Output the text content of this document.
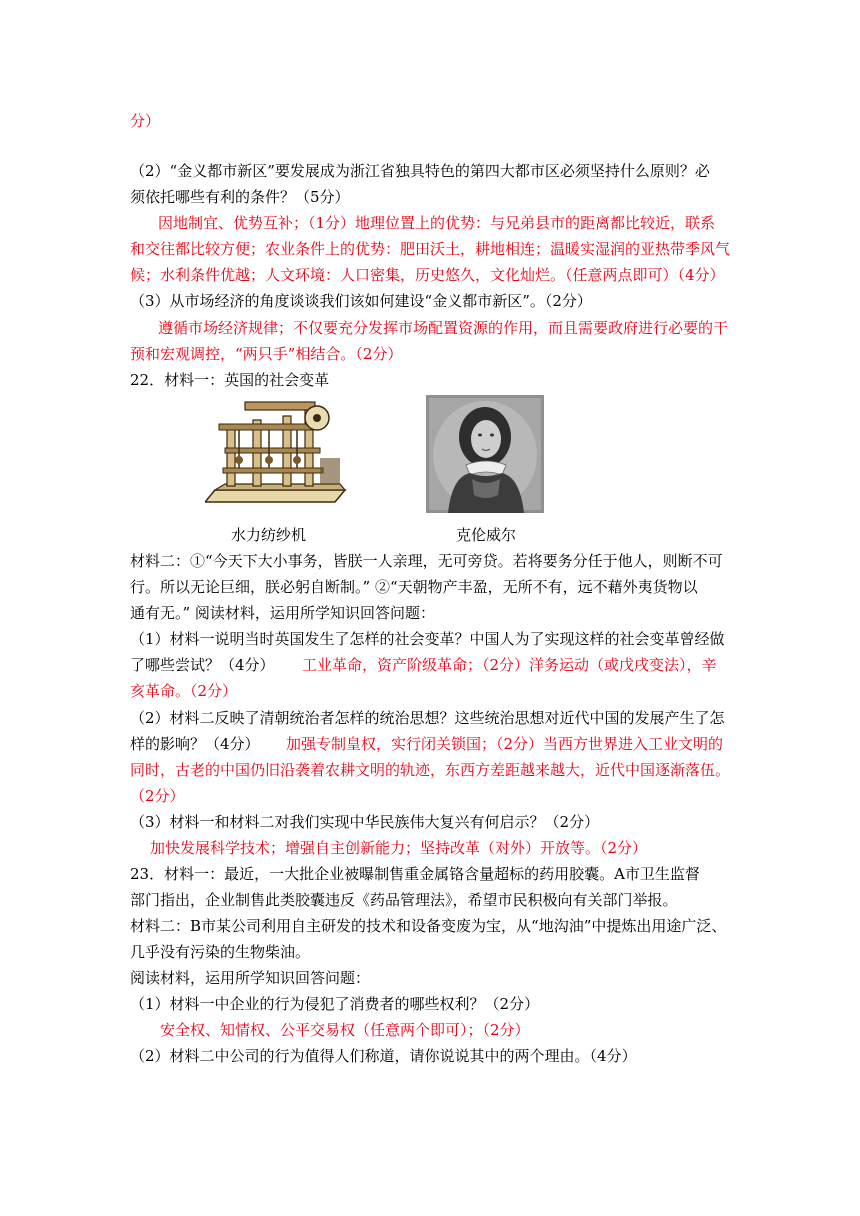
分）
（2）“金义都市新区”要发展成为浙江省独具特色的第四大都市区必须坚持什么原则？必
须依托哪些有利的条件？（5分）
因地制宜、优势互补；（1分）地理位置上的优势：与兄弟县市的距离都比较近，联系
和交往都比较方便；农业条件上的优势：肥田沃土，耕地相连；温暖实湿润的亚热带季风气
候；水利条件优越；人文环境：人口密集，历史悠久，文化灿烂。（任意两点即可）（4分）
（3）从市场经济的角度谈谈我们该如何建设“金义都市新区”。（2分）
遵循市场经济规律；不仅要充分发挥市场配置资源的作用，而且需要政府进行必要的干
预和宏观调控，“两只手”相结合。（2分）
22．材料一：英国的社会变革
水力纺纱机	克伦威尔
材料二：①“今天下大小事务，皆朕一人亲理，无可旁贷。若将要务分任于他人，则断不可
行。所以无论巨细，朕必躬自断制。” ②“天朝物产丰盈，无所不有，远不藉外夷货物以
通有无。” 阅读材料，运用所学知识回答问题：
（1）材料一说明当时英国发生了怎样的社会变革？中国人为了实现这样的社会变革曾经做
了哪些尝试？（4分）	工业革命，资产阶级革命；（2分）洋务运动（或戊戌变法），辛
亥革命。（2分）
（2）材料二反映了清朝统治者怎样的统治思想？这些统治思想对近代中国的发展产生了怎
样的影响？（4分）	加强专制皇权，实行闭关锁国；（2分）当西方世界进入工业文明的
同时，古老的中国仍旧沿袭着农耕文明的轨迹，东西方差距越来越大，近代中国逐渐落伍。
（2分）
（3）材料一和材料二对我们实现中华民族伟大复兴有何启示？（2分）
加快发展科学技术；增强自主创新能力；坚持改革（对外）开放等。（2分）
23．材料一：最近，一大批企业被曝制售重金属铬含量超标的药用胶囊。A市卫生监督
部门指出，企业制售此类胶囊违反《药品管理法》，希望市民积极向有关部门举报。
材料二：B市某公司利用自主研发的技术和设备变废为宝，从“地沟油”中提炼出用途广泛、
几乎没有污染的生物柴油。
阅读材料，运用所学知识回答问题：
（1）材料一中企业的行为侵犯了消费者的哪些权利？（2分）
安全权、知情权、公平交易权（任意两个即可）；（2分）
（2）材料二中公司的行为值得人们称道，请你说说其中的两个理由。（4分）
